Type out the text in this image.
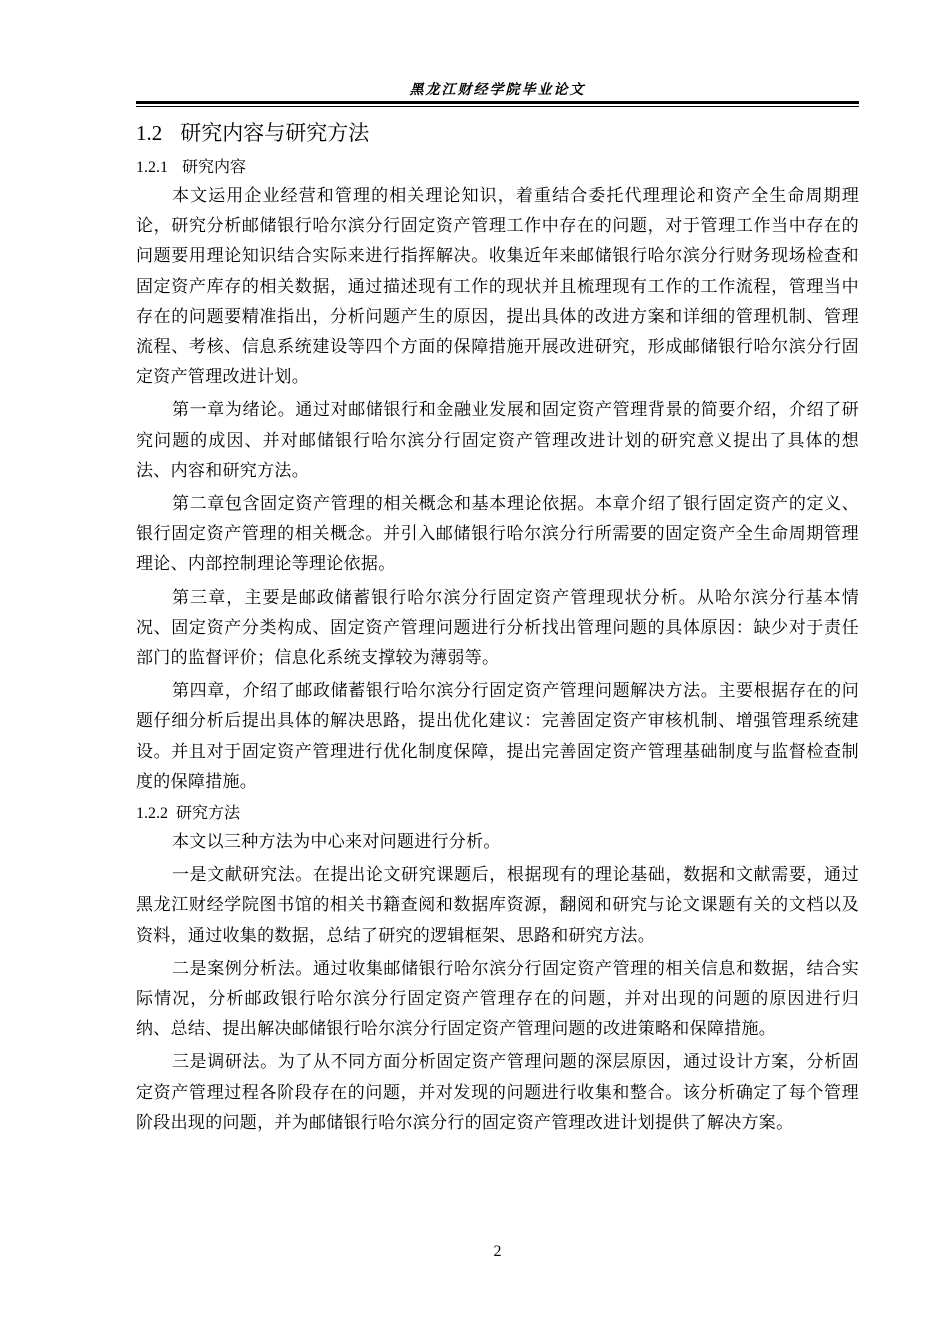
黑龙江财经学院毕业论文
1.2 研究内容与研究方法
1.2.1 研究内容

本文运用企业经营和管理的相关理论知识，着重结合委托代理理论和资产全生命周期理论，研究分析邮储银行哈尔滨分行固定资产管理工作中存在的问题，对于管理工作当中存在的问题要用理论知识结合实际来进行指挥解决。收集近年来邮储银行哈尔滨分行财务现场检查和固定资产库存的相关数据，通过描述现有工作的现状并且梳理现有工作的工作流程，管理当中存在的问题要精准指出，分析问题产生的原因，提出具体的改进方案和详细的管理机制、管理流程、考核、信息系统建设等四个方面的保障措施开展改进研究，形成邮储银行哈尔滨分行固定资产管理改进计划。

第一章为绪论。通过对邮储银行和金融业发展和固定资产管理背景的简要介绍，介绍了研究问题的成因、并对邮储银行哈尔滨分行固定资产管理改进计划的研究意义提出了具体的想法、内容和研究方法。

第二章包含固定资产管理的相关概念和基本理论依据。本章介绍了银行固定资产的定义、银行固定资产管理的相关概念。并引入邮储银行哈尔滨分行所需要的固定资产全生命周期管理理论、内部控制理论等理论依据。

第三章，主要是邮政储蓄银行哈尔滨分行固定资产管理现状分析。从哈尔滨分行基本情况、固定资产分类构成、固定资产管理问题进行分析找出管理问题的具体原因：缺少对于责任部门的监督评价；信息化系统支撑较为薄弱等。

第四章，介绍了邮政储蓄银行哈尔滨分行固定资产管理问题解决方法。主要根据存在的问题仔细分析后提出具体的解决思路，提出优化建议：完善固定资产审核机制、增强管理系统建设。并且对于固定资产管理进行优化制度保障，提出完善固定资产管理基础制度与监督检查制度的保障措施。

1.2.2 研究方法

本文以三种方法为中心来对问题进行分析。

一是文献研究法。在提出论文研究课题后，根据现有的理论基础，数据和文献需要，通过黑龙江财经学院图书馆的相关书籍查阅和数据库资源，翻阅和研究与论文课题有关的文档以及资料，通过收集的数据，总结了研究的逻辑框架、思路和研究方法。

二是案例分析法。通过收集邮储银行哈尔滨分行固定资产管理的相关信息和数据，结合实际情况，分析邮政银行哈尔滨分行固定资产管理存在的问题，并对出现的问题的原因进行归纳、总结、提出解决邮储银行哈尔滨分行固定资产管理问题的改进策略和保障措施。

三是调研法。为了从不同方面分析固定资产管理问题的深层原因，通过设计方案，分析固定资产管理过程各阶段存在的问题，并对发现的问题进行收集和整合。该分析确定了每个管理阶段出现的问题，并为邮储银行哈尔滨分行的固定资产管理改进计划提供了解决方案。

2
